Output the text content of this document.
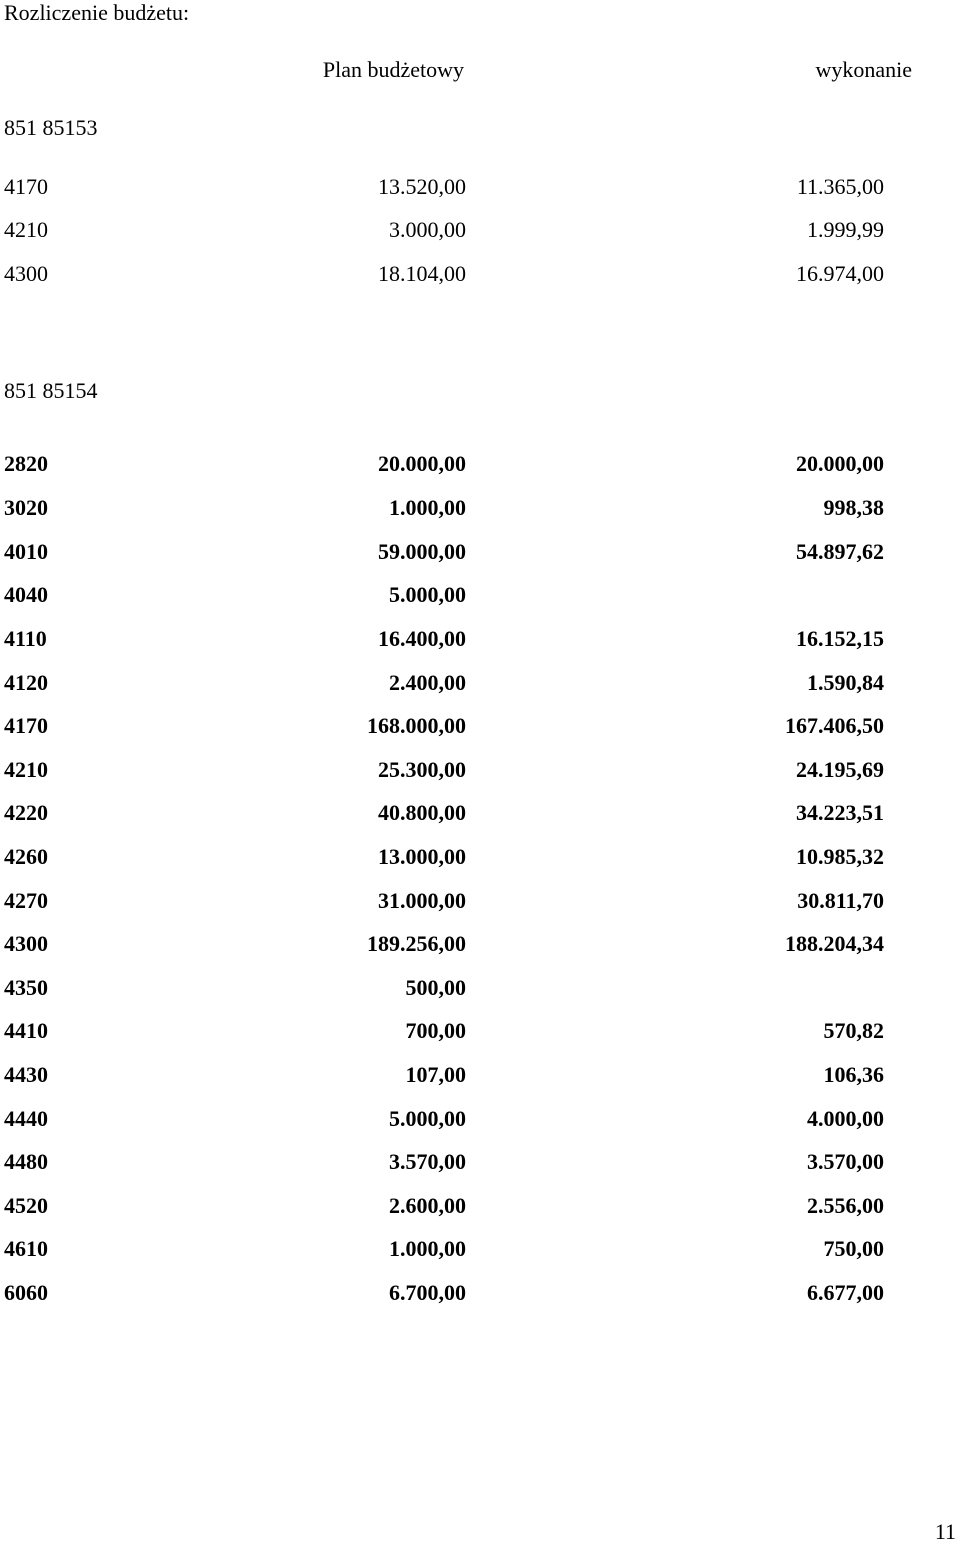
Rozliczenie budżetu:
Plan budżetowy	wykonanie
851 85153
4170	13.520,00	11.365,00
4210	3.000,00	1.999,99
4300	18.104,00	16.974,00
851 85154
2820	20.000,00	20.000,00
3020	1.000,00	998,38
4010	59.000,00	54.897,62
4040	5.000,00
4110	16.400,00	16.152,15
4120	2.400,00	1.590,84
4170	168.000,00	167.406,50
4210	25.300,00	24.195,69
4220	40.800,00	34.223,51
4260	13.000,00	10.985,32
4270	31.000,00	30.811,70
4300	189.256,00	188.204,34
4350	500,00
4410	700,00	570,82
4430	107,00	106,36
4440	5.000,00	4.000,00
4480	3.570,00	3.570,00
4520	2.600,00	2.556,00
4610	1.000,00	750,00
6060	6.700,00	6.677,00
11
